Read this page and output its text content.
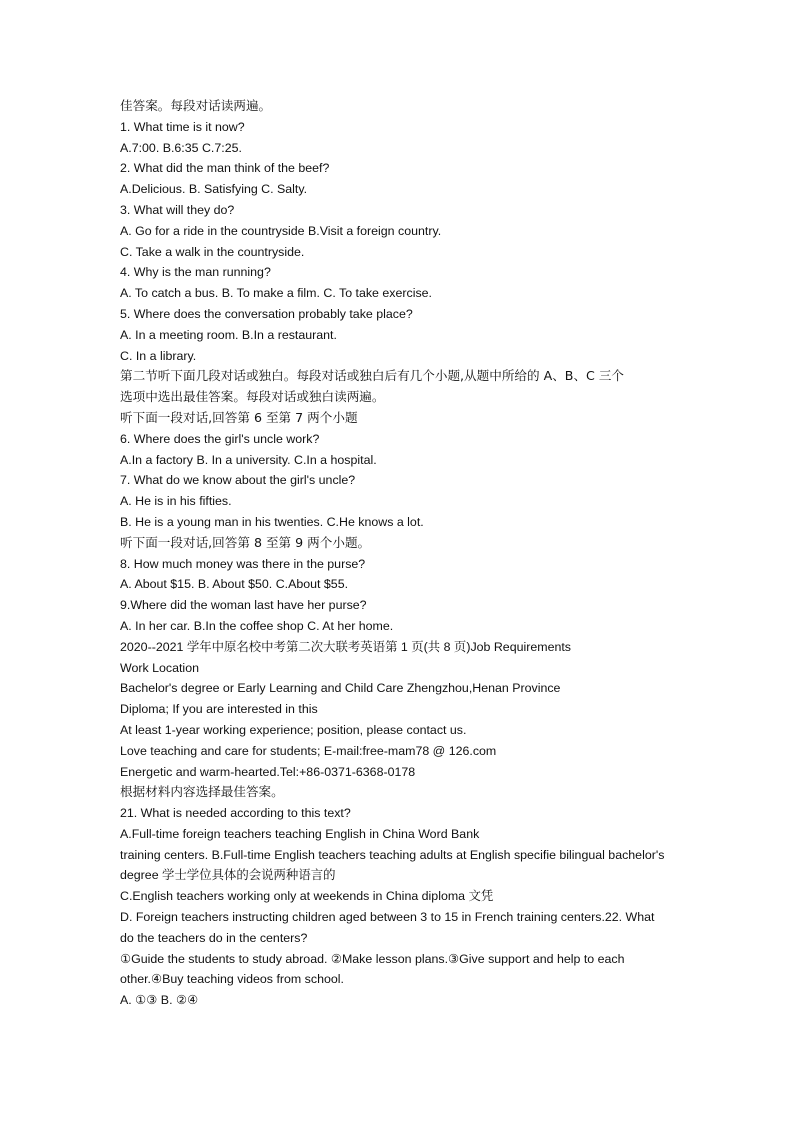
佳答案。每段对话读两遍。
1. What time is it now?
A.7:00. B.6:35 C.7:25.
2. What did the man think of the beef?
A.Delicious. B. Satisfying C. Salty.
3. What will they do?
A. Go for a ride in the countryside B.Visit a foreign country.
C. Take a walk in the countryside.
4. Why is the man running?
A. To catch a bus. B. To make a film. C. To take exercise.
5. Where does the conversation probably take place?
A. In a meeting room. B.In a restaurant.
C. In a library.
第二节听下面几段对话或独白。每段对话或独白后有几个小题,从题中所给的 A、B、C 三个
选项中选出最佳答案。每段对话或独白读两遍。
听下面一段对话,回答第 6 至第 7 两个小题
6. Where does the girl's uncle work?
A.In a factory B. In a university. C.In a hospital.
7. What do we know about the girl's uncle?
A. He is in his fifties.
B. He is a young man in his twenties. C.He knows a lot.
听下面一段对话,回答第 8 至第 9 两个小题。
8. How much money was there in the purse?
A. About $15. B. About $50. C.About $55.
9.Where did the woman last have her purse?
A. In her car. B.In the coffee shop C. At her home.
2020--2021 学年中原名校中考第二次大联考英语第 1 页(共 8 页)Job Requirements
Work Location
Bachelor's degree or Early Learning and Child Care Zhengzhou,Henan Province
Diploma; If you are interested in this
At least 1-year working experience; position, please contact us.
Love teaching and care for students; E-mail:free-mam78 @ 126.com
Energetic and warm-hearted.Tel:+86-0371-6368-0178
根据材料内容选择最佳答案。
21. What is needed according to this text?
A.Full-time foreign teachers teaching English in China Word Bank
training centers. B.Full-time English teachers teaching adults at English specifie bilingual bachelor's
degree 学士学位具体的会说两种语言的
C.English teachers working only at weekends in China diploma 文凭
D. Foreign teachers instructing children aged between 3 to 15 in French training centers.22. What
do the teachers do in the centers?
①Guide the students to study abroad. ②Make lesson plans.③Give support and help to each
other.④Buy teaching videos from school.
A. ①③ B. ②④
